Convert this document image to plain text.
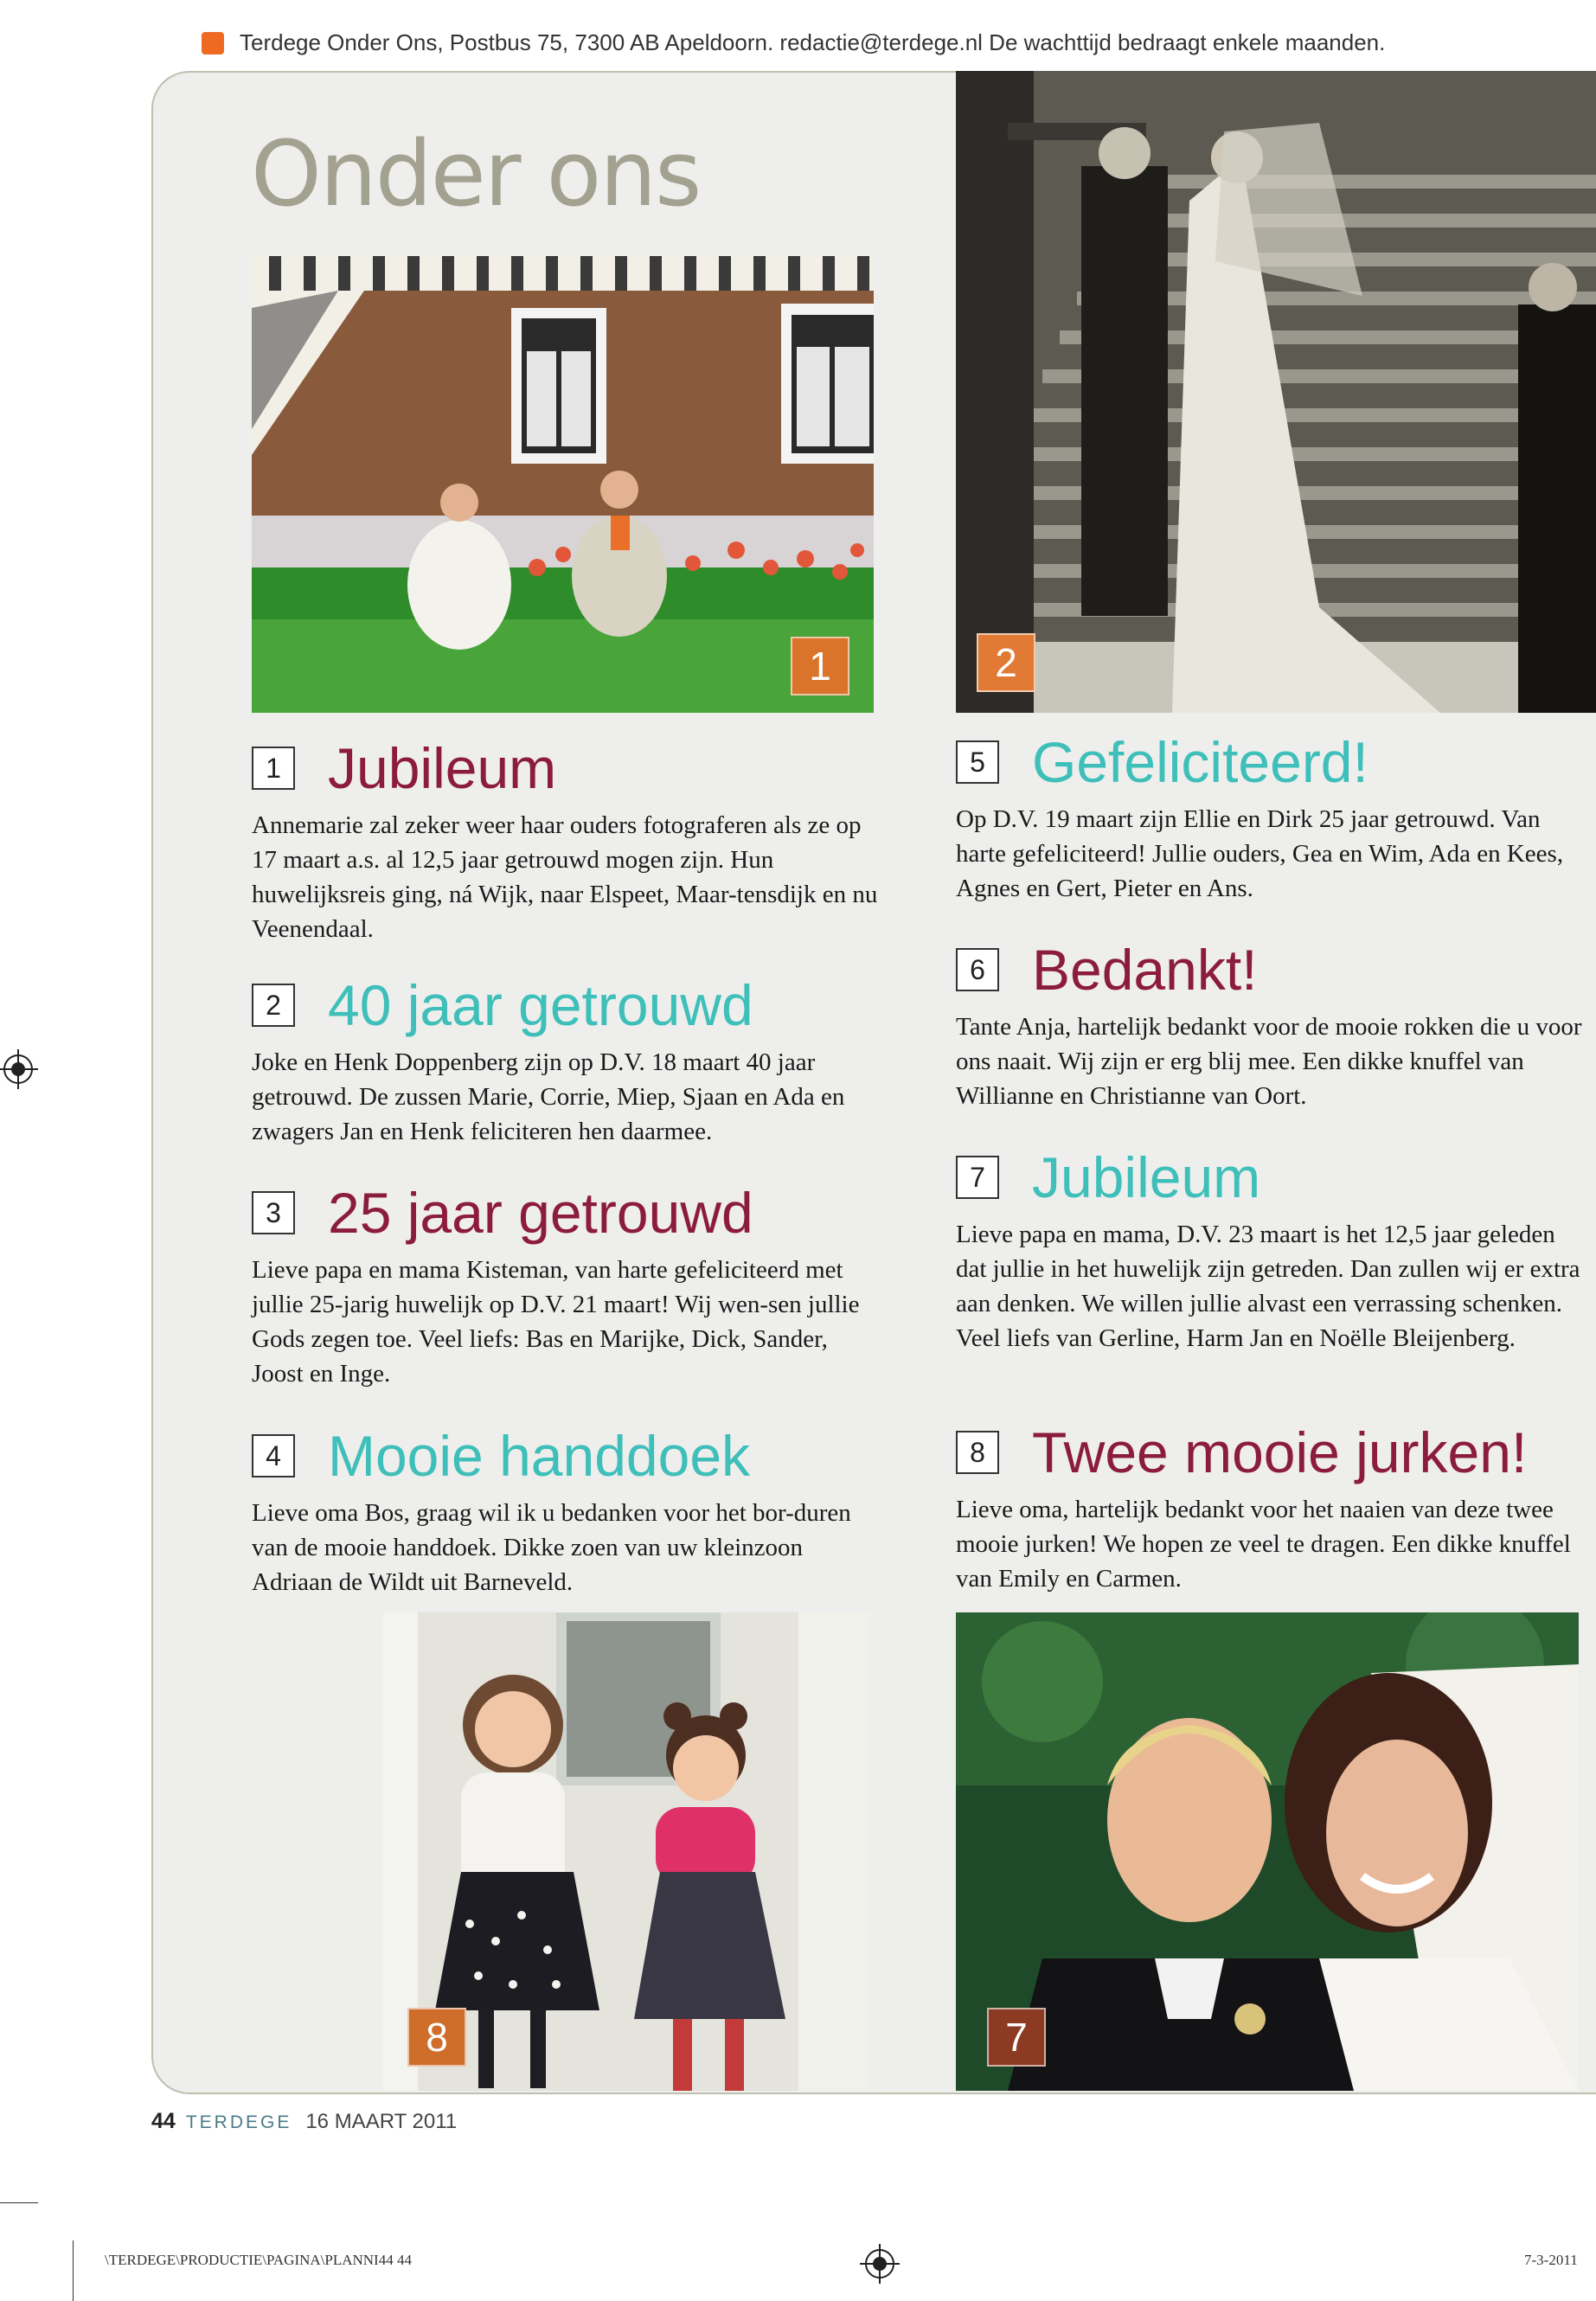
Terdege Onder Ons, Postbus 75, 7300 AB Apeldoorn. redactie@terdege.nl De wachttijd bedraagt enkele maanden.
Onder ons
1	2
1 Jubileum
Annemarie zal zeker weer haar ouders fotograferen als ze op 17 maart a.s. al 12,5 jaar getrouwd mogen zijn. Hun huwelijksreis ging, ná Wijk, naar Elspeet, Maar-tensdijk en nu Veenendaal.
2 40 jaar getrouwd
Joke en Henk Doppenberg zijn op D.V. 18 maart 40 jaar getrouwd. De zussen Marie, Corrie, Miep, Sjaan en Ada en zwagers Jan en Henk feliciteren hen daarmee.
3 25 jaar getrouwd
Lieve papa en mama Kisteman, van harte gefeliciteerd met jullie 25-jarig huwelijk op D.V. 21 maart! Wij wen-sen jullie Gods zegen toe. Veel liefs: Bas en Marijke, Dick, Sander, Joost en Inge.
4 Mooie handdoek
Lieve oma Bos, graag wil ik u bedanken voor het bor-duren van de mooie handdoek. Dikke zoen van uw kleinzoon Adriaan de Wildt uit Barneveld.
5 Gefeliciteerd!
Op D.V. 19 maart zijn Ellie en Dirk 25 jaar getrouwd. Van harte gefeliciteerd! Jullie ouders, Gea en Wim, Ada en Kees, Agnes en Gert, Pieter en Ans.
6 Bedankt!
Tante Anja, hartelijk bedankt voor de mooie rokken die u voor ons naait. Wij zijn er erg blij mee. Een dikke knuffel van Willianne en Christianne van Oort.
7 Jubileum
Lieve papa en mama, D.V. 23 maart is het 12,5 jaar geleden dat jullie in het huwelijk zijn getreden. Dan zullen wij er extra aan denken. We willen jullie alvast een verrassing schenken. Veel liefs van Gerline, Harm Jan en Noëlle Bleijenberg.
8 Twee mooie jurken!
Lieve oma, hartelijk bedankt voor het naaien van deze twee mooie jurken! We hopen ze veel te dragen. Een dikke knuffel van Emily en Carmen.
8	7
44 TERDEGE 16 MAART 2011
\TERDEGE\PRODUCTIE\PAGINA\PLANNI44 44	7-3-2011
